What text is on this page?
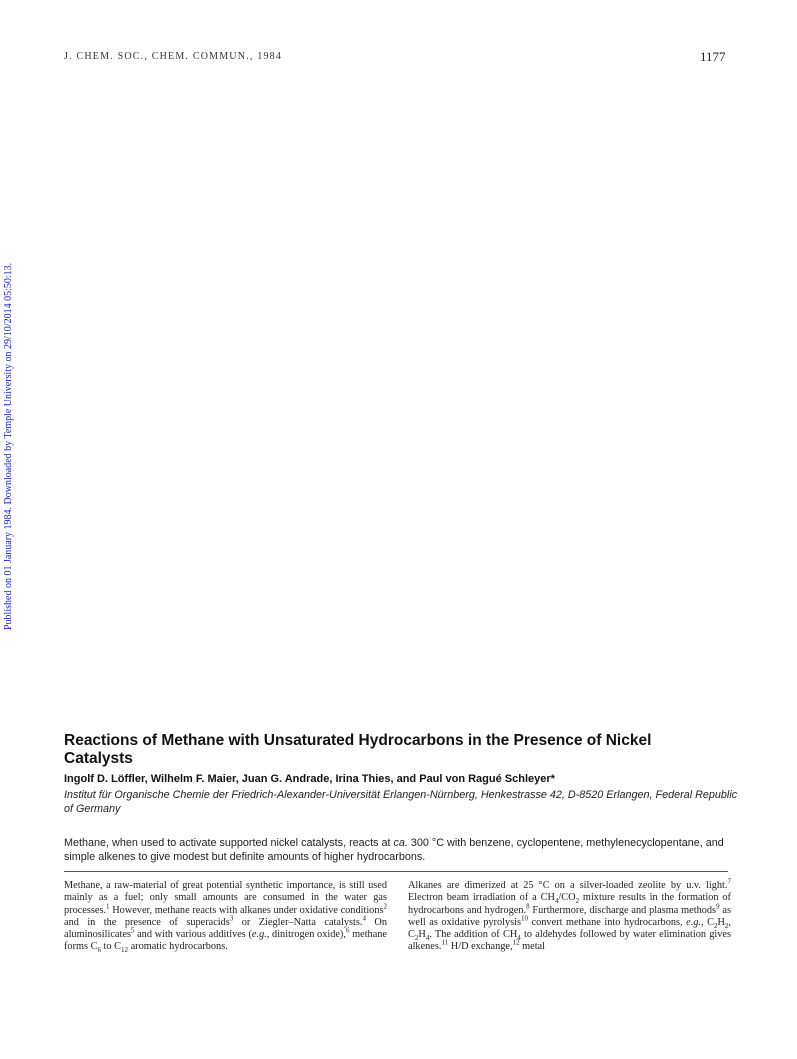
J. CHEM. SOC., CHEM. COMMUN., 1984	1177
Published on 01 January 1984. Downloaded by Temple University on 29/10/2014 05:50:13.
Reactions of Methane with Unsaturated Hydrocarbons in the Presence of Nickel Catalysts
Ingolf D. Löffler, Wilhelm F. Maier, Juan G. Andrade, Irina Thies, and Paul von Ragué Schleyer*
Institut für Organische Chemie der Friedrich-Alexander-Universität Erlangen-Nürnberg, Henkestrasse 42, D-8520 Erlangen, Federal Republic of Germany
Methane, when used to activate supported nickel catalysts, reacts at ca. 300 °C with benzene, cyclopentene, methylenecyclopentane, and simple alkenes to give modest but definite amounts of higher hydrocarbons.

Methane, a raw-material of great potential synthetic importance, is still used mainly as a fuel; only small amounts are consumed in the water gas processes.$^1$ However, methane reacts with alkanes under oxidative conditions$^2$ and in the presence of superacids$^3$ or Ziegler–Natta catalysts.$^4$ On aluminosilicates$^5$ and with various additives (e.g., dinitrogen oxide),$^6$ methane forms $C_6$ to $C_{12}$ aromatic hydrocarbons.

Alkanes are dimerized at 25 °C on a silver-loaded zeolite by u.v. light.$^7$ Electron beam irradiation of a $CH_4/CO_2$ mixture results in the formation of hydrocarbons and hydrogen.$^8$ Furthermore, discharge and plasma methods$^9$ as well as oxidative pyrolysis$^{10}$ convert methane into hydrocarbons, e.g., $C_2H_2$, $C_2H_4$. The addition of $CH_4$ to aldehydes followed by water elimination gives alkenes.$^{11}$ H/D exchange,$^{12}$ metal
